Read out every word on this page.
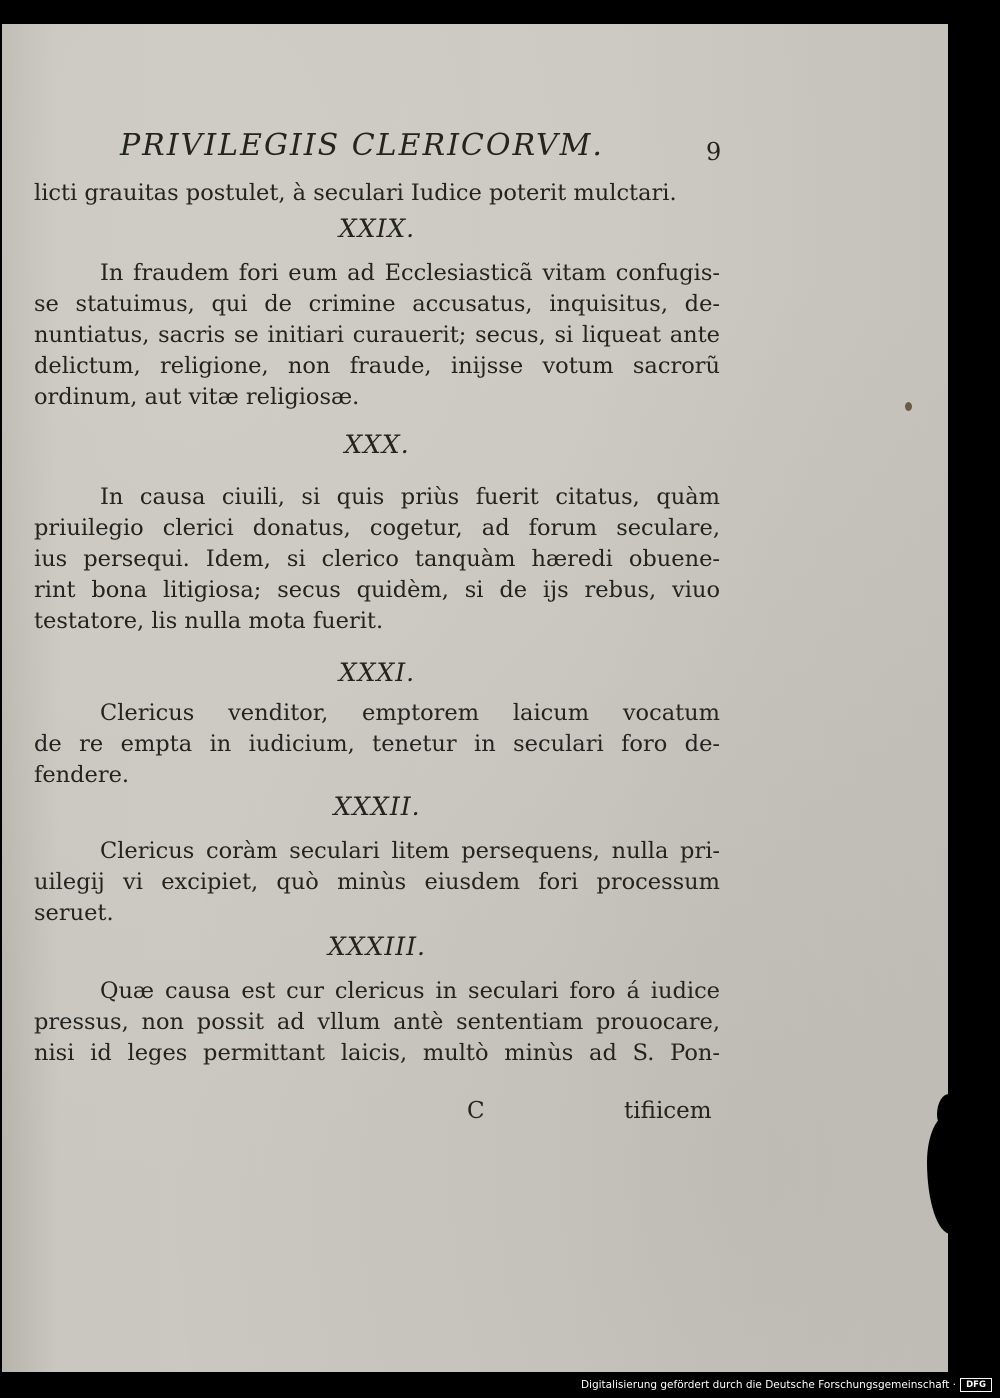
PRIVILEGIIS CLERICORVM.	9
licti grauitas postulet, à seculari Iudice poterit mulctari.
XXIX.
In fraudem fori eum ad Ecclesiasticã vitam confugis-
se statuimus, qui de crimine accusatus, inquisitus, de-
nuntiatus, sacris se initiari curauerit; secus, si liqueat ante
delictum, religione, non fraude, inijsse votum sacrorũ
ordinum, aut vitæ religiosæ.
XXX.
In causa ciuili, si quis priùs fuerit citatus, quàm
priuilegio clerici donatus, cogetur, ad forum seculare,
ius persequi. Idem, si clerico tanquàm hæredi obuene-
rint bona litigiosa; secus quidèm, si de ijs rebus, viuo
testatore, lis nulla mota fuerit.
XXXI.
Clericus venditor, emptorem laicum vocatum
de re empta in iudicium, tenetur in seculari foro de-
fendere.
XXXII.
Clericus coràm seculari litem persequens, nulla pri-
uilegij vi excipiet, quò minùs eiusdem fori processum
seruet.
XXXIII.
Quæ causa est cur clericus in seculari foro á iudice
pressus, non possit ad vllum antè sententiam prouocare,
nisi id leges permittant laicis, multò minùs ad S. Pon-
C	tifiicem
Digitalisierung gefördert durch die Deutsche Forschungsgemeinschaft ·	DFG
